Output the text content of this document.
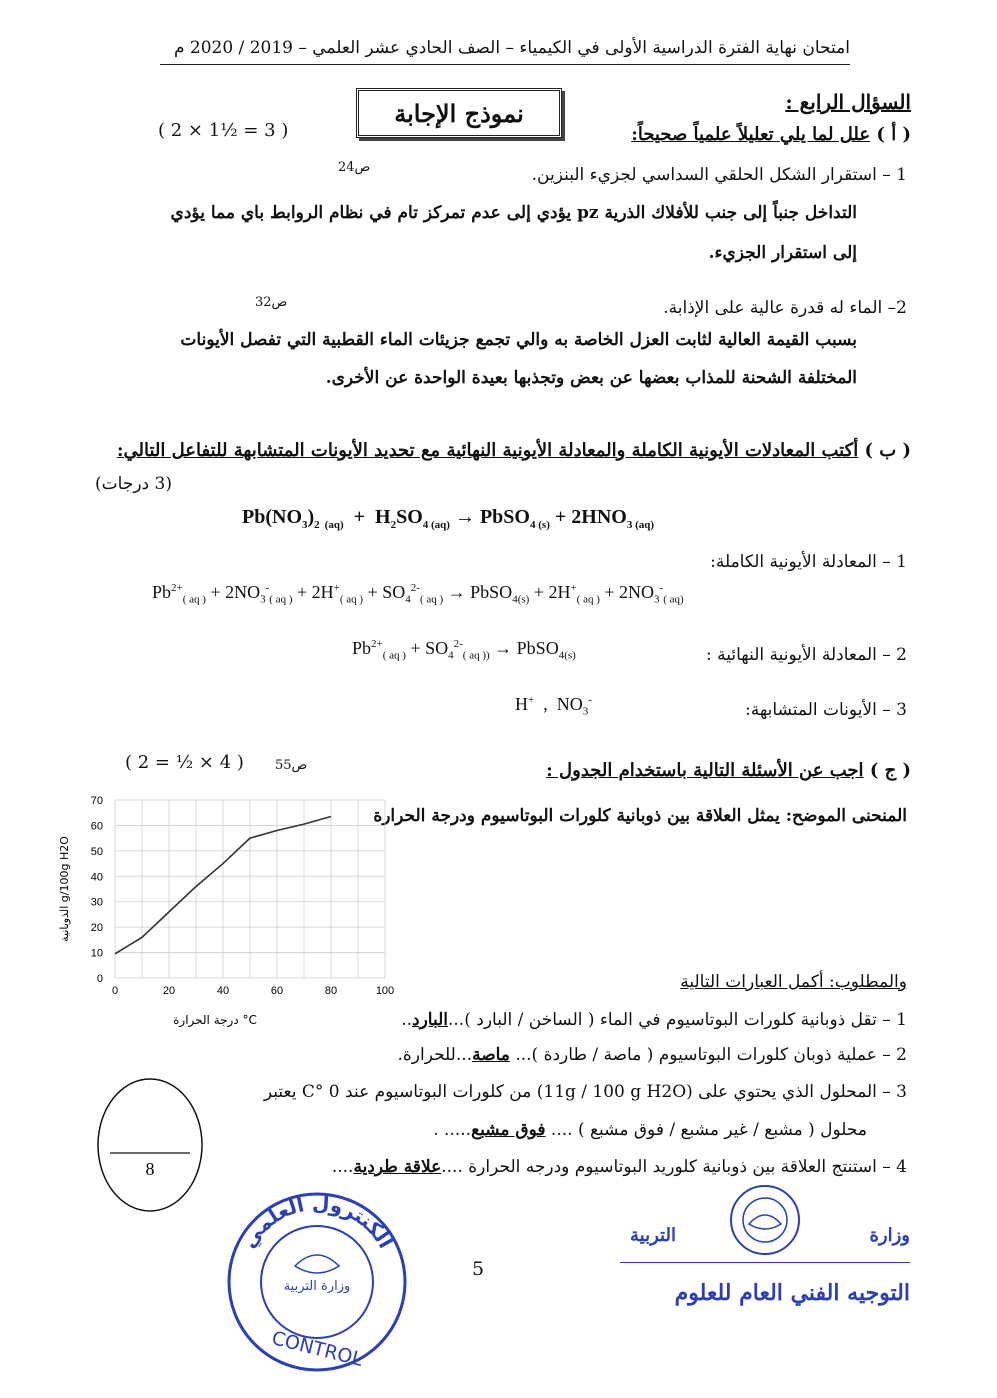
امتحان نهاية الفترة الدراسية الأولى في الكيمياء – الصف الحادي عشر العلمي – 2019 / 2020 م
نموذج الإجابة	السؤال الرابع :
( أ ) علل لما يلي تعليلاً علمياً صحيحاً:
( 2 × 1½ = 3 )
ص24	1 – استقرار الشكل الحلقي السداسي لجزيء البنزين.
التداخل جنباً إلى جنب للأفلاك الذرية pz يؤدي إلى عدم تمركز تام في نظام الروابط باي مما يؤدي
إلى استقرار الجزيء.
ص32	2– الماء له قدرة عالية على الإذابة.
بسبب القيمة العالية لثابت العزل الخاصة به والي تجمع جزيئات الماء القطبية التي تفصل الأيونات
المختلفة الشحنة للمذاب بعضها عن بعض وتجذبها بعيدة الواحدة عن الأخرى.
( ب ) أكتب المعادلات الأيونية الكاملة والمعادلة الأيونية النهائية مع تحديد الأيونات المتشابهة للتفاعل التالي:
(3 درجات)
$Pb(NO_3)_2$ $_{(aq)} + H_2SO_{4 (aq)}$ → PbSO$_{4 (s)}$ + $2HNO_{3 (aq)}$
1 – المعادلة الأيونية الكاملة:
$Pb^{2+}_{( aq )} + 2NO_3^-_{( aq )} + 2H^+_{( aq )} + SO_4^{2-}_{( aq )}$ → PbSO$_{4(s)}$ + $2H^+_{( aq )} + 2NO_3^-_{( aq)}$
2 – المعادلة الأيونية النهائية :
$Pb^{2+}_{( aq )} + SO_4^{2-}_{( aq ))}$ → PbSO$_{4(s)}$
3 – الأيونات المتشابهة:
H+  ,  $NO_3^-$
( 2 = ½ × 4 ) ص55	( ج ) اجب عن الأسئلة التالية باستخدام الجدول :
المنحنى الموضح: يمثل العلاقة بين ذوبانية كلورات البوتاسيوم ودرجة الحرارة
0	20	40	60	80	100
0
10
20
30
40
50
60
70
درجة الحرارة °C
الذوبانية g/100g H2O
والمطلوب: أكمل العبارات التالية
1 – تقل ذوبانية كلورات البوتاسيوم في الماء ( الساخن / البارد )...البارد..
2 – عملية ذوبان كلورات البوتاسيوم ( ماصة / طاردة )... ماصة...للحرارة.
3 – المحلول الذي يحتوي على (11g / 100 g H2O) من كلورات البوتاسيوم عند 0 °C يعتبر
محلول ( مشبع / غير مشبع / فوق مشبع ) .... فوق مشبع..... .
4 – استنتج العلاقة بين ذوبانية كلوريد البوتاسيوم ودرجه الحرارة ....علاقة طردية....
8
5
الكنترول العلمي
وزارة التربية
CONTROL
وزارة
التربية
التوجيه الفني العام للعلوم
